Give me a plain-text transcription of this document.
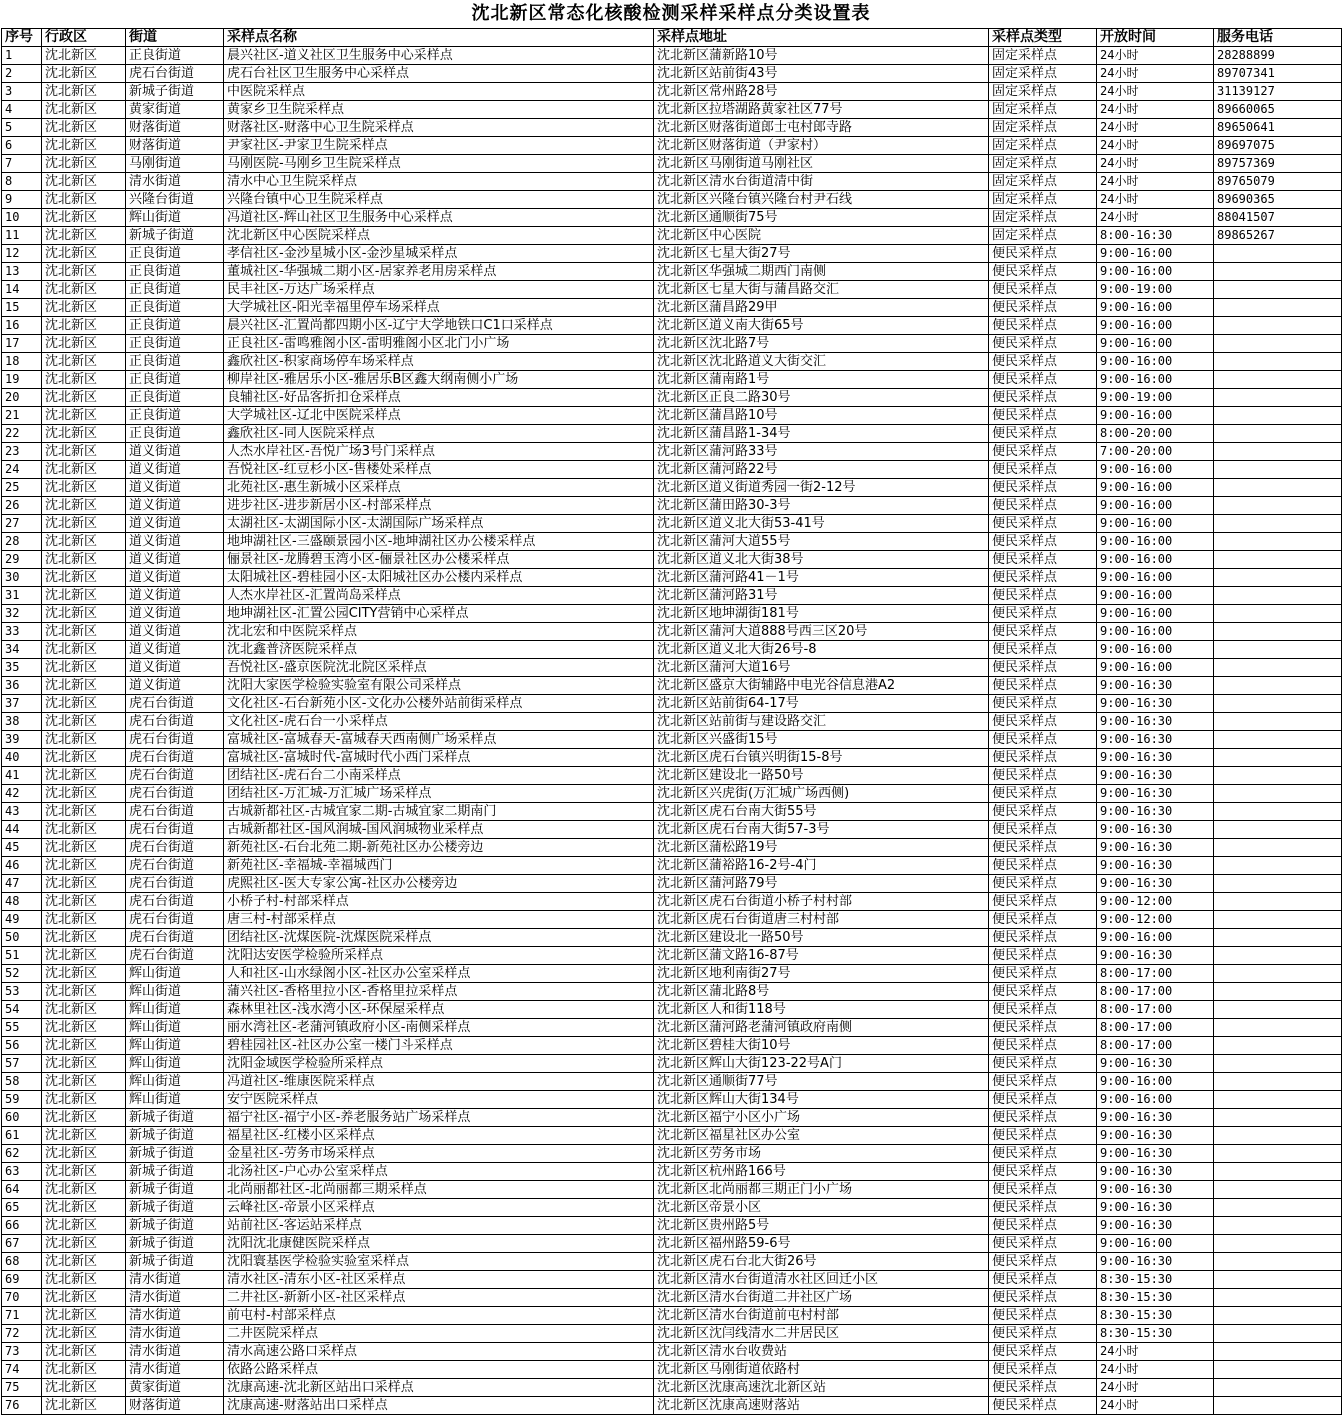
沈北新区常态化核酸检测采样采样点分类设置表
序号	行政区	街道	采样点名称	采样点地址	采样点类型	开放时间	服务电话
1	沈北新区	正良街道	晨兴社区-道义社区卫生服务中心采样点	沈北新区蒲新路10号	固定采样点	24小时	28288899
2	沈北新区	虎石台街道	虎石台社区卫生服务中心采样点	沈北新区站前街43号	固定采样点	24小时	89707341
3	沈北新区	新城子街道	中医院采样点	沈北新区常州路28号	固定采样点	24小时	31139127
4	沈北新区	黄家街道	黄家乡卫生院采样点	沈北新区拉塔湖路黄家社区77号	固定采样点	24小时	89660065
5	沈北新区	财落街道	财落社区-财落中心卫生院采样点	沈北新区财落街道郎士屯村郎寺路	固定采样点	24小时	89650641
6	沈北新区	财落街道	尹家社区-尹家卫生院采样点	沈北新区财落街道（尹家村）	固定采样点	24小时	89697075
7	沈北新区	马刚街道	马刚医院-马刚乡卫生院采样点	沈北新区马刚街道马刚社区	固定采样点	24小时	89757369
8	沈北新区	清水街道	清水中心卫生院采样点	沈北新区清水台街道清中街	固定采样点	24小时	89765079
9	沈北新区	兴隆台街道	兴隆台镇中心卫生院采样点	沈北新区兴隆台镇兴隆台村尹石线	固定采样点	24小时	89690365
10	沈北新区	辉山街道	冯道社区-辉山社区卫生服务中心采样点	沈北新区通顺街75号	固定采样点	24小时	88041507
11	沈北新区	新城子街道	沈北新区中心医院采样点	沈北新区中心医院	固定采样点	8:00-16:30	89865267
12	沈北新区	正良街道	孝信社区-金沙星城小区-金沙星城采样点	沈北新区七星大街27号	便民采样点	9:00-16:00	
13	沈北新区	正良街道	董城社区-华强城二期小区-居家养老用房采样点	沈北新区华强城二期西门南侧	便民采样点	9:00-16:00	
14	沈北新区	正良街道	民丰社区-万达广场采样点	沈北新区七星大街与蒲昌路交汇	便民采样点	9:00-19:00	
15	沈北新区	正良街道	大学城社区-阳光幸福里停车场采样点	沈北新区蒲昌路29甲	便民采样点	9:00-16:00	
16	沈北新区	正良街道	晨兴社区-汇置尚都四期小区-辽宁大学地铁口C1口采样点	沈北新区道义南大街65号	便民采样点	9:00-16:00	
17	沈北新区	正良街道	正良社区-雷鸣雅阁小区-雷明雅阁小区北门小广场	沈北新区沈北路7号	便民采样点	9:00-16:00	
18	沈北新区	正良街道	鑫欣社区-积家商场停车场采样点	沈北新区沈北路道义大街交汇	便民采样点	9:00-16:00	
19	沈北新区	正良街道	柳岸社区-雅居乐小区-雅居乐B区鑫大纲南侧小广场	沈北新区蒲南路1号	便民采样点	9:00-16:00	
20	沈北新区	正良街道	良辅社区-好品客折扣仓采样点	沈北新区正良二路30号	便民采样点	9:00-19:00	
21	沈北新区	正良街道	大学城社区-辽北中医院采样点	沈北新区蒲昌路10号	便民采样点	9:00-16:00	
22	沈北新区	正良街道	鑫欣社区-同人医院采样点	沈北新区蒲昌路1-34号	便民采样点	8:00-20:00	
23	沈北新区	道义街道	人杰水岸社区-吾悦广场3号门采样点	沈北新区蒲河路33号	便民采样点	7:00-20:00	
24	沈北新区	道义街道	吾悦社区-红豆杉小区-售楼处采样点	沈北新区蒲河路22号	便民采样点	9:00-16:00	
25	沈北新区	道义街道	北苑社区-惠生新城小区采样点	沈北新区道义街道秀园一街2-12号	便民采样点	9:00-16:00	
26	沈北新区	道义街道	进步社区-进步新居小区-村部采样点	沈北新区蒲田路30-3号	便民采样点	9:00-16:00	
27	沈北新区	道义街道	太湖社区-太湖国际小区-太湖国际广场采样点	沈北新区道义北大街53-41号	便民采样点	9:00-16:00	
28	沈北新区	道义街道	地坤湖社区-三盛颐景园小区-地坤湖社区办公楼采样点	沈北新区蒲河大道55号	便民采样点	9:00-16:00	
29	沈北新区	道义街道	俪景社区-龙腾碧玉湾小区-俪景社区办公楼采样点	沈北新区道义北大街38号	便民采样点	9:00-16:00	
30	沈北新区	道义街道	太阳城社区-碧桂园小区-太阳城社区办公楼内采样点	沈北新区蒲河路41－1号	便民采样点	9:00-16:00	
31	沈北新区	道义街道	人杰水岸社区-汇置尚岛采样点	沈北新区蒲河路31号	便民采样点	9:00-16:00	
32	沈北新区	道义街道	地坤湖社区-汇置公园CITY营销中心采样点	沈北新区地坤湖街181号	便民采样点	9:00-16:00	
33	沈北新区	道义街道	沈北宏和中医院采样点	沈北新区蒲河大道888号西三区20号	便民采样点	9:00-16:00	
34	沈北新区	道义街道	沈北鑫普济医院采样点	沈北新区道义北大街26号-8	便民采样点	9:00-16:00	
35	沈北新区	道义街道	吾悦社区-盛京医院沈北院区采样点	沈北新区蒲河大道16号	便民采样点	9:00-16:00	
36	沈北新区	道义街道	沈阳大家医学检验实验室有限公司采样点	沈北新区盛京大街辅路中电光谷信息港A2	便民采样点	9:00-16:30	
37	沈北新区	虎石台街道	文化社区-石台新苑小区-文化办公楼外站前街采样点	沈北新区站前街64-17号	便民采样点	9:00-16:30	
38	沈北新区	虎石台街道	文化社区-虎石台一小采样点	沈北新区站前街与建设路交汇	便民采样点	9:00-16:30	
39	沈北新区	虎石台街道	富城社区-富城春天-富城春天西南侧广场采样点	沈北新区兴盛街15号	便民采样点	9:00-16:30	
40	沈北新区	虎石台街道	富城社区-富城时代-富城时代小西门采样点	沈北新区虎石台镇兴明街15-8号	便民采样点	9:00-16:30	
41	沈北新区	虎石台街道	团结社区-虎石台二小南采样点	沈北新区建设北一路50号	便民采样点	9:00-16:30	
42	沈北新区	虎石台街道	团结社区-万汇城-万汇城广场采样点	沈北新区兴虎街(万汇城广场西侧)	便民采样点	9:00-16:30	
43	沈北新区	虎石台街道	古城新都社区-古城宜家二期-古城宜家二期南门	沈北新区虎石台南大街55号	便民采样点	9:00-16:30	
44	沈北新区	虎石台街道	古城新都社区-国风润城-国风润城物业采样点	沈北新区虎石台南大街57-3号	便民采样点	9:00-16:30	
45	沈北新区	虎石台街道	新苑社区-石台北苑二期-新苑社区办公楼旁边	沈北新区蒲松路19号	便民采样点	9:00-16:30	
46	沈北新区	虎石台街道	新苑社区-幸福城-幸福城西门	沈北新区蒲裕路16-2号-4门	便民采样点	9:00-16:30	
47	沈北新区	虎石台街道	虎熙社区-医大专家公寓-社区办公楼旁边	沈北新区蒲河路79号	便民采样点	9:00-16:30	
48	沈北新区	虎石台街道	小桥子村-村部采样点	沈北新区虎石台街道小桥子村村部	便民采样点	9:00-12:00	
49	沈北新区	虎石台街道	唐三村-村部采样点	沈北新区虎石台街道唐三村村部	便民采样点	9:00-12:00	
50	沈北新区	虎石台街道	团结社区-沈煤医院-沈煤医院采样点	沈北新区建设北一路50号	便民采样点	9:00-16:00	
51	沈北新区	虎石台街道	沈阳达安医学检验所采样点	沈北新区蒲文路16-87号	便民采样点	9:00-16:30	
52	沈北新区	辉山街道	人和社区-山水绿阁小区-社区办公室采样点	沈北新区地利南街27号	便民采样点	8:00-17:00	
53	沈北新区	辉山街道	蒲兴社区-香格里拉小区-香格里拉采样点	沈北新区蒲北路8号	便民采样点	8:00-17:00	
54	沈北新区	辉山街道	森林里社区-浅水湾小区-环保屋采样点	沈北新区人和街118号	便民采样点	8:00-17:00	
55	沈北新区	辉山街道	丽水湾社区-老蒲河镇政府小区-南侧采样点	沈北新区蒲河路老蒲河镇政府南侧	便民采样点	8:00-17:00	
56	沈北新区	辉山街道	碧桂园社区-社区办公室一楼门斗采样点	沈北新区碧桂大街10号	便民采样点	8:00-17:00	
57	沈北新区	辉山街道	沈阳金域医学检验所采样点	沈北新区辉山大街123-22号A门	便民采样点	9:00-16:30	
58	沈北新区	辉山街道	冯道社区-维康医院采样点	沈北新区通顺街77号	便民采样点	9:00-16:00	
59	沈北新区	辉山街道	安宁医院采样点	沈北新区辉山大街134号	便民采样点	9:00-16:00	
60	沈北新区	新城子街道	福宁社区-福宁小区-养老服务站广场采样点	沈北新区福宁小区小广场	便民采样点	9:00-16:30	
61	沈北新区	新城子街道	福星社区-红楼小区采样点	沈北新区福星社区办公室	便民采样点	9:00-16:30	
62	沈北新区	新城子街道	金星社区-劳务市场采样点	沈北新区劳务市场	便民采样点	9:00-16:30	
63	沈北新区	新城子街道	北汤社区-户心办公室采样点	沈北新区杭州路166号	便民采样点	9:00-16:30	
64	沈北新区	新城子街道	北尚丽都社区-北尚丽都三期采样点	沈北新区北尚丽都三期正门小广场	便民采样点	9:00-16:30	
65	沈北新区	新城子街道	云峰社区-帝景小区采样点	沈北新区帝景小区	便民采样点	9:00-16:30	
66	沈北新区	新城子街道	站前社区-客运站采样点	沈北新区贵州路5号	便民采样点	9:00-16:30	
67	沈北新区	新城子街道	沈阳沈北康健医院采样点	沈北新区福州路59-6号	便民采样点	9:00-16:00	
68	沈北新区	新城子街道	沈阳寰基医学检验实验室采样点	沈北新区虎石台北大街26号	便民采样点	9:00-16:30	
69	沈北新区	清水街道	清水社区-清东小区-社区采样点	沈北新区清水台街道清水社区回迁小区	便民采样点	8:30-15:30	
70	沈北新区	清水街道	二井社区-新新小区-社区采样点	沈北新区清水台街道二井社区广场	便民采样点	8:30-15:30	
71	沈北新区	清水街道	前屯村-村部采样点	沈北新区清水台街道前屯村村部	便民采样点	8:30-15:30	
72	沈北新区	清水街道	二井医院采样点	沈北新区沈闫线清水二井居民区	便民采样点	8:30-15:30	
73	沈北新区	清水街道	清水高速公路口采样点	沈北新区清水台收费站	便民采样点	24小时	
74	沈北新区	清水街道	依路公路采样点	沈北新区马刚街道依路村	便民采样点	24小时	
75	沈北新区	黄家街道	沈康高速-沈北新区站出口采样点	沈北新区沈康高速沈北新区站	便民采样点	24小时	
76	沈北新区	财落街道	沈康高速-财落站出口采样点	沈北新区沈康高速财落站	便民采样点	24小时	
